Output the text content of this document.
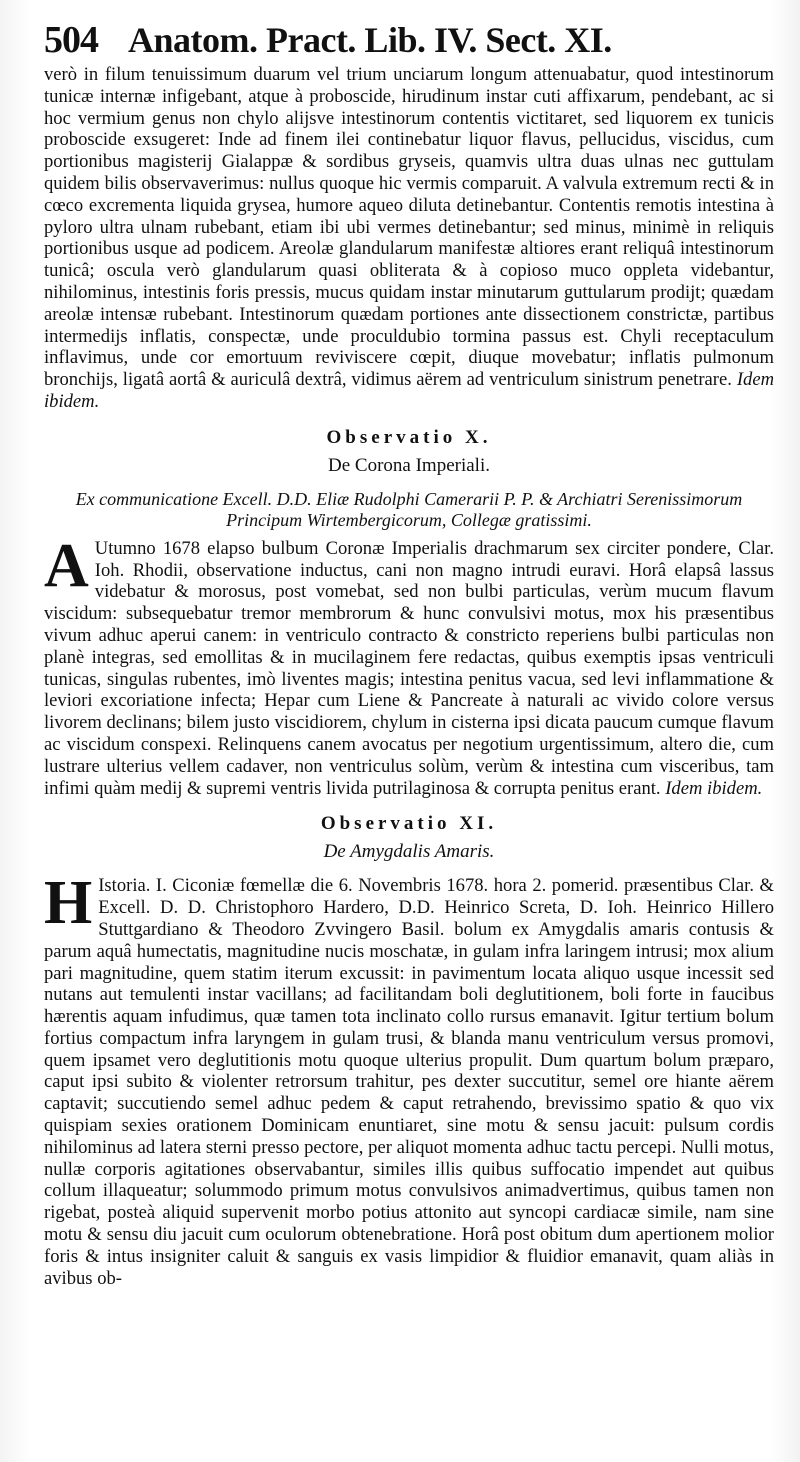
504 Anatom. Pract. Lib. IV. Sect. XI.

verò in filum tenuissimum duarum vel trium unciarum longum attenuabatur, quod intestinorum tunicæ internæ infigebant, atque à proboscide, hirudinum instar cuti affixarum, pendebant, ac si hoc vermium genus non chylo alijsve intestinorum contentis victitaret, sed liquorem ex tunicis proboscide exsugeret: Inde ad finem ilei continebatur liquor flavus, pellucidus, viscidus, cum portionibus magisterij Gialappæ & sordibus gryseis, quamvis ultra duas ulnas nec guttulam quidem bilis observaverimus: nullus quoque hic vermis comparuit. A valvula extremum recti & in cœco excrementa liquida grysea, humore aqueo diluta detinebantur. Contentis remotis intestina à pyloro ultra ulnam rubebant, etiam ibi ubi vermes detinebantur; sed minus, minimè in reliquis portionibus usque ad podicem. Areolæ glandularum manifestæ altiores erant reliquâ intestinorum tunicâ; oscula verò glandularum quasi obliterata & à copioso muco oppleta videbantur, nihilominus, intestinis foris pressis, mucus quidam instar minutarum guttularum prodijt; quædam areolæ intensæ rubebant. Intestinorum quædam portiones ante dissectionem constrictæ, partibus intermedijs inflatis, conspectæ, unde proculdubio tormina passus est. Chyli receptaculum inflavimus, unde cor emortuum reviviscere cœpit, diuque movebatur; inflatis pulmonum bronchijs, ligatâ aortâ & auriculâ dextrâ, vidimus aërem ad ventriculum sinistrum penetrare. Idem ibidem.

Observatio X.
De Corona Imperiali.
Ex communicatione Excell. D.D. Eliæ Rudolphi Camerarii P. P. & Archiatri Serenissimorum Principum Wirtembergicorum, Collegæ gratissimi.

A Utumno 1678 elapso bulbum Coronæ Imperialis drachmarum sex circiter pondere, Clar. Ioh. Rhodii, observatione inductus, cani non magno intrudi euravi. Horâ elapsâ lassus videbatur & morosus, post vomebat, sed non bulbi particulas, verùm mucum flavum viscidum: subsequebatur tremor membrorum & hunc convulsivi motus, mox his præsentibus vivum adhuc aperui canem: in ventriculo contracto & constricto reperiens bulbi particulas non planè integras, sed emollitas & in mucilaginem fere redactas, quibus exemptis ipsas ventriculi tunicas, singulas rubentes, imò liventes magis; intestina penitus vacua, sed levi inflammatione & leviori excoriatione infecta; Hepar cum Liene & Pancreate à naturali ac vivido colore versus livorem declinans; bilem justo viscidiorem, chylum in cisterna ipsi dicata paucum cumque flavum ac viscidum conspexi. Relinquens canem avocatus per negotium urgentissimum, altero die, cum lustrare ulterius vellem cadaver, non ventriculus solùm, verùm & intestina cum visceribus, tam infimi quàm medij & supremi ventris livida putrilaginosa & corrupta penitus erant. Idem ibidem.

Observatio XI.
De Amygdalis Amaris.

H Istoria. I. Ciconiæ fœmellæ die 6. Novembris 1678. hora 2. pomerid. præsentibus Clar. & Excell. D. D. Christophoro Hardero, D.D. Heinrico Screta, D. Ioh. Heinrico Hillero Stuttgardiano & Theodoro Zvvingero Basil. bolum ex Amygdalis amaris contusis & parum aquâ humectatis, magnitudine nucis moschatæ, in gulam infra laringem intrusi; mox alium pari magnitudine, quem statim iterum excussit: in pavimentum locata aliquo usque incessit sed nutans aut temulenti instar vacillans; ad facilitandam boli deglutitionem, boli forte in faucibus hærentis aquam infudimus, quæ tamen tota inclinato collo rursus emanavit. Igitur tertium bolum fortius compactum infra laryngem in gulam trusi, & blanda manu ventriculum versus promovi, quem ipsamet vero deglutitionis motu quoque ulterius propulit. Dum quartum bolum præparo, caput ipsi subito & violenter retrorsum trahitur, pes dexter succutitur, semel ore hiante aërem captavit; succutiendo semel adhuc pedem & caput retrahendo, brevissimo spatio & quo vix quispiam sexies orationem Dominicam enuntiaret, sine motu & sensu jacuit: pulsum cordis nihilominus ad latera sterni presso pectore, per aliquot momenta adhuc tactu percepi. Nulli motus, nullæ corporis agitationes observabantur, similes illis quibus suffocatio impendet aut quibus collum illaqueatur; solummodo primum motus convulsivos animadvertimus, quibus tamen non rigebat, posteà aliquid supervenit morbo potius attonito aut syncopi cardiacæ simile, nam sine motu & sensu diu jacuit cum oculorum obtenebratione. Horâ post obitum dum apertionem molior foris & intus insigniter caluit & sanguis ex vasis limpidior & fluidior emanavit, quam aliàs in avibus ob-
